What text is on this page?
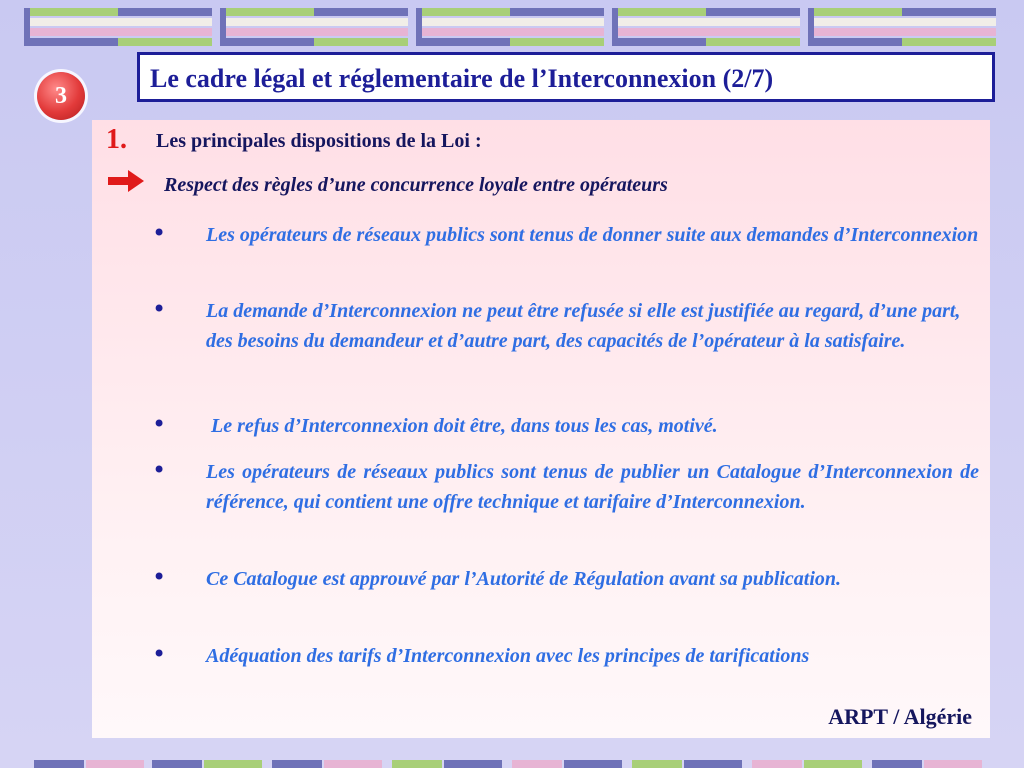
3
Le cadre légal et réglementaire de l’Interconnexion (2/7)
1. Les principales dispositions de la Loi :
Respect des règles d’une concurrence loyale entre opérateurs
• Les opérateurs de réseaux publics sont tenus de donner suite aux demandes d’Interconnexion
• La demande d’Interconnexion ne peut être refusée si elle est justifiée au regard, d’une part, des besoins du demandeur et d’autre part, des capacités de l’opérateur à la satisfaire.
• Le refus d’Interconnexion doit être, dans tous les cas, motivé.
• Les opérateurs de réseaux publics sont tenus de publier un Catalogue d’Interconnexion de référence, qui contient une offre technique et tarifaire d’Interconnexion.
• Ce Catalogue est approuvé par l’Autorité de Régulation avant sa publication.
• Adéquation des tarifs d’Interconnexion avec les principes de tarifications
ARPT / Algérie
